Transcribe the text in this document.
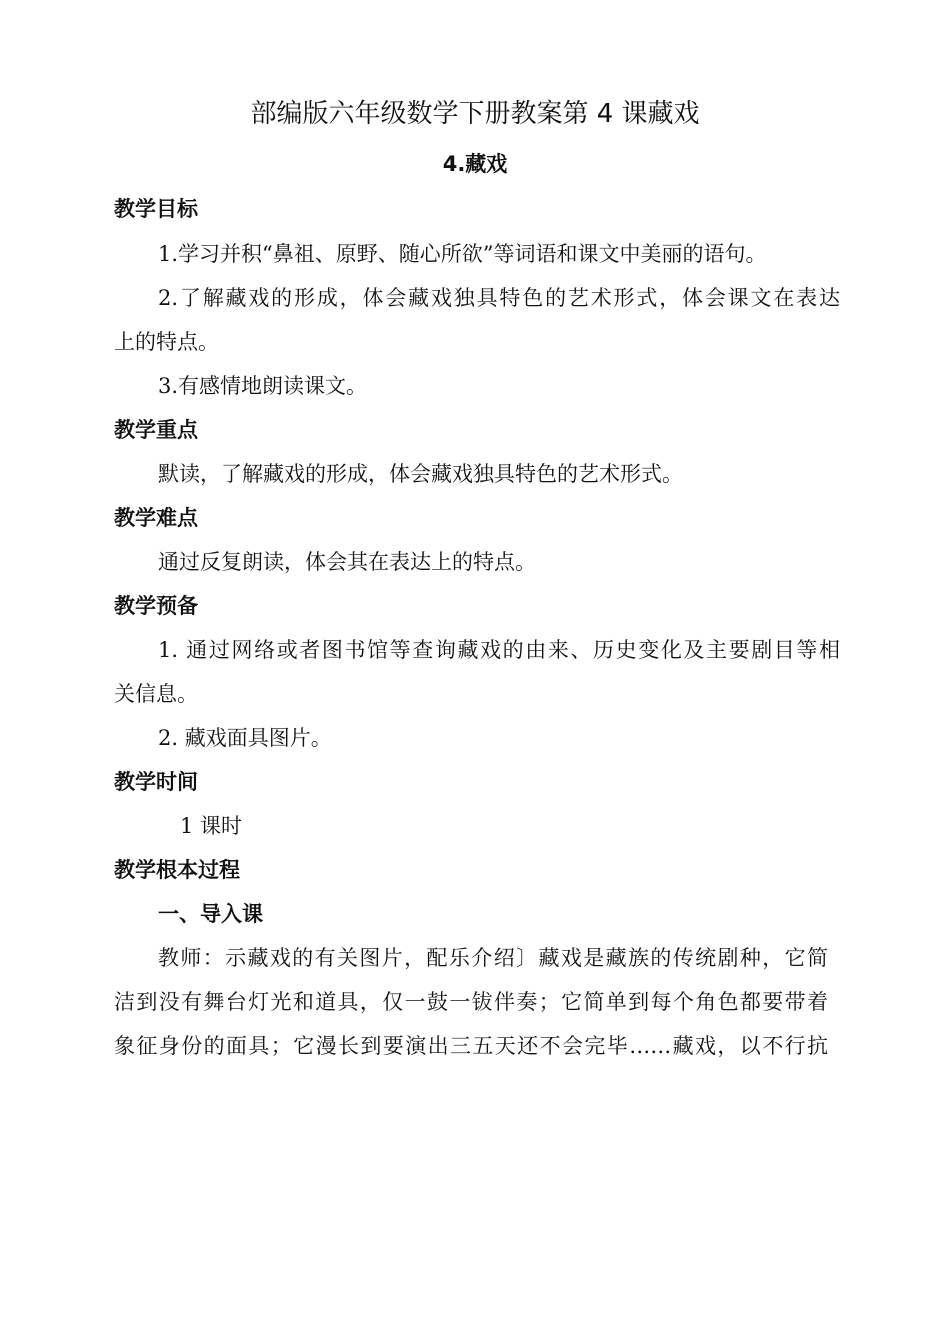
部编版六年级数学下册教案第 4 课藏戏
4.藏戏
教学目标
1.学习并积“鼻祖、原野、随心所欲”等词语和课文中美丽的语句。
2.了解藏戏的形成，体会藏戏独具特色的艺术形式，体会课文在表达
上的特点。
3.有感情地朗读课文。
教学重点
默读，了解藏戏的形成，体会藏戏独具特色的艺术形式。
教学难点
通过反复朗读，体会其在表达上的特点。
教学预备
1. 通过网络或者图书馆等查询藏戏的由来、历史变化及主要剧目等相
关信息。
2. 藏戏面具图片。
教学时间
1 课时
教学根本过程
一、导入课
教师：示藏戏的有关图片，配乐介绍〕藏戏是藏族的传统剧种，它简
洁到没有舞台灯光和道具，仅一鼓一钹伴奏；它简单到每个角色都要带着
象征身份的面具；它漫长到要演出三五天还不会完毕……藏戏，以不行抗
